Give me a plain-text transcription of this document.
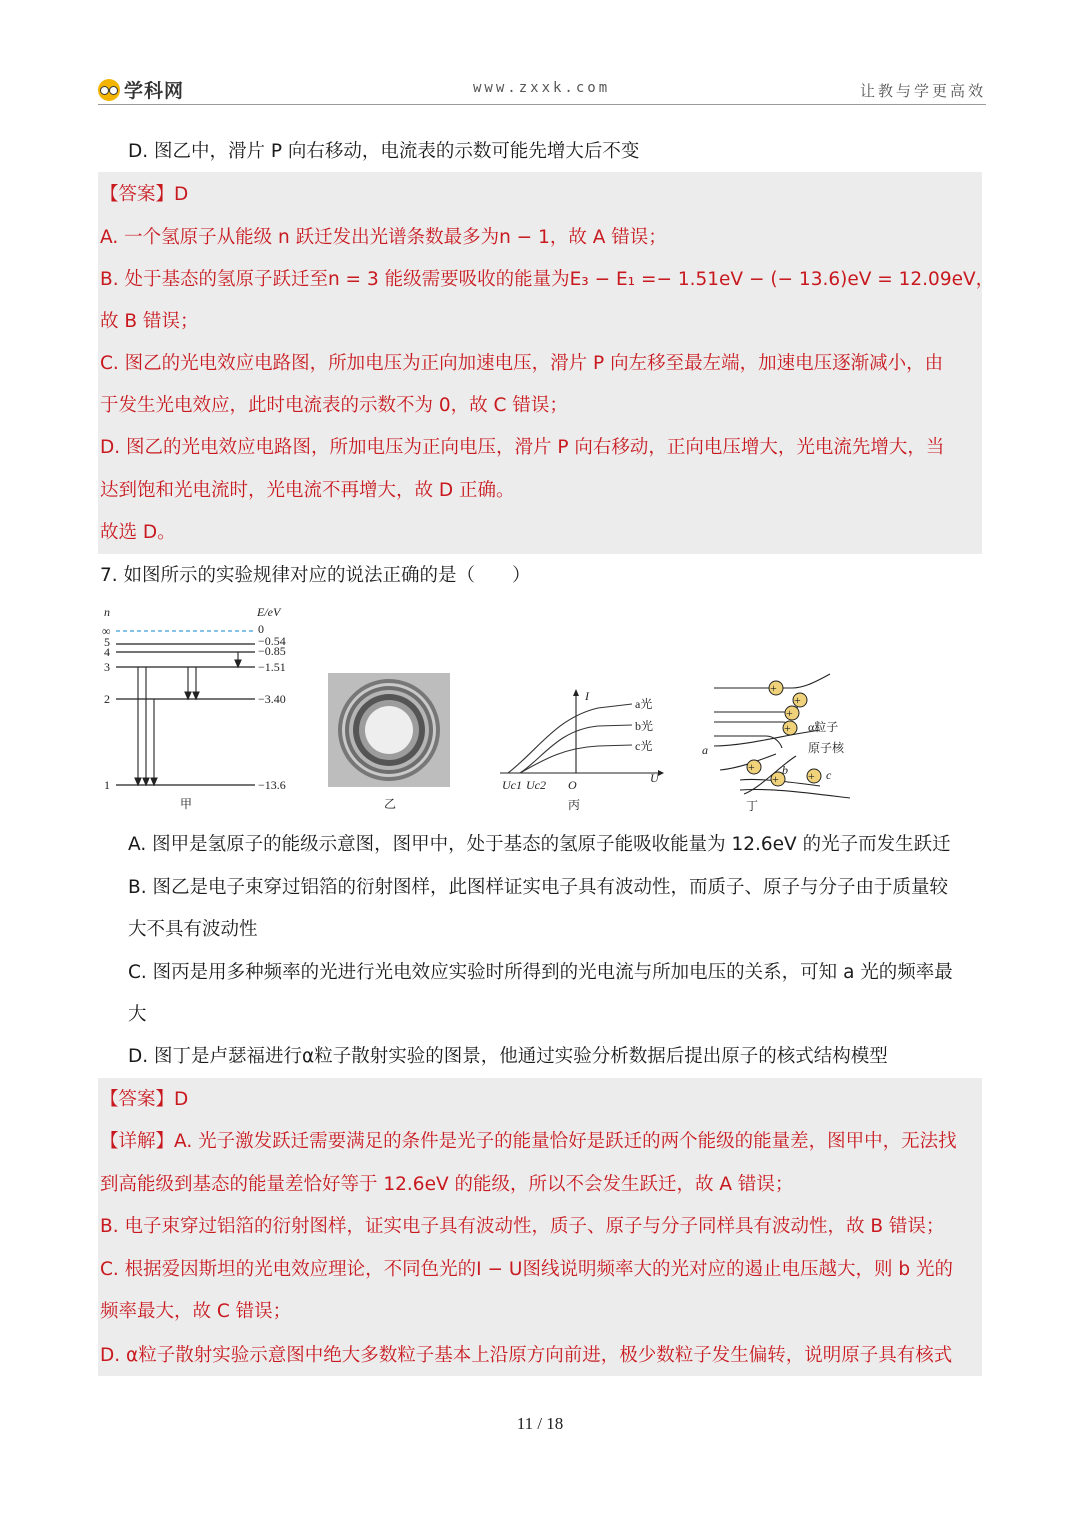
学科网	www.zxxk.com	让教与学更高效
D. 图乙中，滑片 P 向右移动，电流表的示数可能先增大后不变
【答案】D
A. 一个氢原子从能级 n 跃迁发出光谱条数最多为n − 1，故 A 错误；
B. 处于基态的氢原子跃迁至n = 3 能级需要吸收的能量为E₃ − E₁ =− 1.51eV − (− 13.6)eV = 12.09eV，
故 B 错误；
C. 图乙的光电效应电路图，所加电压为正向加速电压，滑片 P 向左移至最左端，加速电压逐渐减小，由
于发生光电效应，此时电流表的示数不为 0，故 C 错误；
D. 图乙的光电效应电路图，所加电压为正向电压，滑片 P 向右移动，正向电压增大，光电流先增大，当
达到饱和光电流时，光电流不再增大，故 D 正确。
故选 D。
7. 如图所示的实验规律对应的说法正确的是（　　）
n	E/eV
∞
5
4
3
2
1
0
−0.54
−0.85
−1.51
−3.40
−13.6
甲	乙
I
U
O
Uc1 Uc2
a光
b光
c光
丙
+
+
+
+
+
+ +
α粒子
原子核
a
b	c
丁
A. 图甲是氢原子的能级示意图，图甲中，处于基态的氢原子能吸收能量为 12.6eV 的光子而发生跃迁
B. 图乙是电子束穿过铝箔的衍射图样，此图样证实电子具有波动性，而质子、原子与分子由于质量较
大不具有波动性
C. 图丙是用多种频率的光进行光电效应实验时所得到的光电流与所加电压的关系，可知 a 光的频率最
大
D. 图丁是卢瑟福进行α粒子散射实验的图景，他通过实验分析数据后提出原子的核式结构模型
【答案】D
【详解】A. 光子激发跃迁需要满足的条件是光子的能量恰好是跃迁的两个能级的能量差，图甲中，无法找
到高能级到基态的能量差恰好等于 12.6eV 的能级，所以不会发生跃迁，故 A 错误；
B. 电子束穿过铝箔的衍射图样，证实电子具有波动性，质子、原子与分子同样具有波动性，故 B 错误；
C. 根据爱因斯坦的光电效应理论，不同色光的I − U图线说明频率大的光对应的遏止电压越大，则 b 光的
频率最大，故 C 错误；
D. α粒子散射实验示意图中绝大多数粒子基本上沿原方向前进，极少数粒子发生偏转，说明原子具有核式
11 / 18
